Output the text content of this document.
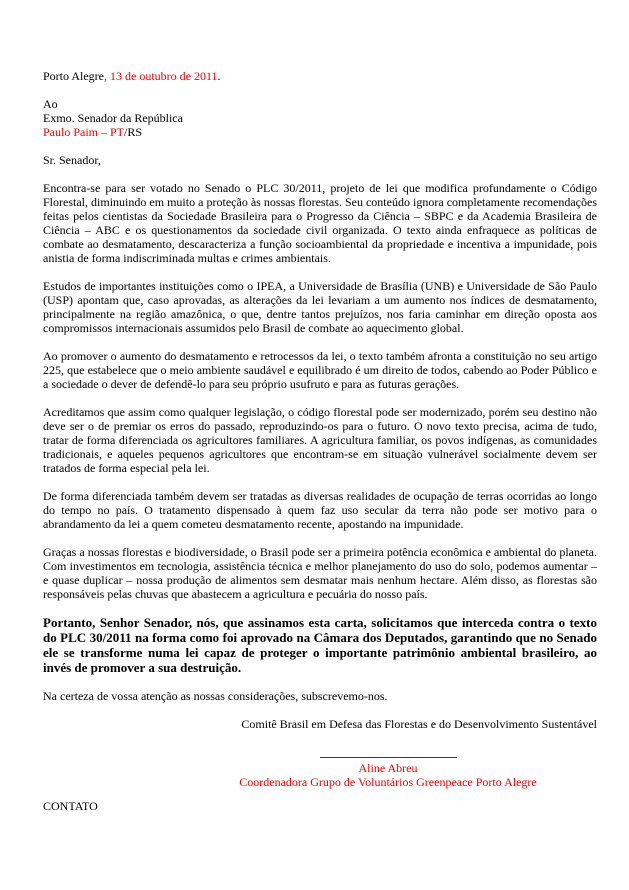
Porto Alegre, 13 de outubro de 2011.

Ao
Exmo. Senador da República
Paulo Paim – PT/RS

Sr. Senador,

Encontra-se para ser votado no Senado o PLC 30/2011, projeto de lei que modifica profundamente o Código Florestal, diminuindo em muito a proteção às nossas florestas. Seu conteúdo ignora completamente recomendações feitas pelos cientistas da Sociedade Brasileira para o Progresso da Ciência – SBPC e da Academia Brasileira de Ciência – ABC e os questionamentos da sociedade civil organizada. O texto ainda enfraquece as políticas de combate ao desmatamento, descaracteriza a função socioambiental da propriedade e incentiva a impunidade, pois anistia de forma indiscriminada multas e crimes ambientais.

Estudos de importantes instituições como o IPEA, a Universidade de Brasília (UNB) e Universidade de São Paulo (USP) apontam que, caso aprovadas, as alterações da lei levariam a um aumento nos índices de desmatamento, principalmente na região amazônica, o que, dentre tantos prejuízos, nos faria caminhar em direção oposta aos compromissos internacionais assumidos pelo Brasil de combate ao aquecimento global.

Ao promover o aumento do desmatamento e retrocessos da lei, o texto também afronta a constituição no seu artigo 225, que estabelece que o meio ambiente saudável e equilibrado é um direito de todos, cabendo ao Poder Público e a sociedade o dever de defendê-lo para seu próprio usufruto e para as futuras gerações.

Acreditamos que assim como qualquer legislação, o código florestal pode ser modernizado, porém seu destino não deve ser o de premiar os erros do passado, reproduzindo-os para o futuro. O novo texto precisa, acima de tudo, tratar de forma diferenciada os agricultores familiares. A agricultura familiar, os povos indígenas, as comunidades tradicionais, e aqueles pequenos agricultores que encontram-se em situação vulnerável socialmente devem ser tratados de forma especial pela lei.

De forma diferenciada também devem ser tratadas as diversas realidades de ocupação de terras ocorridas ao longo do tempo no país. O tratamento dispensado à quem faz uso secular da terra não pode ser motivo para o abrandamento da lei a quem cometeu desmatamento recente, apostando na impunidade.

Graças a nossas florestas e biodiversidade, o Brasil pode ser a primeira potência econômica e ambiental do planeta. Com investimentos em tecnologia, assistência técnica e melhor planejamento do uso do solo, podemos aumentar – e quase duplicar – nossa produção de alimentos sem desmatar mais nenhum hectare. Além disso, as florestas são responsáveis pelas chuvas que abastecem a agricultura e pecuária do nosso país.

Portanto, Senhor Senador, nós, que assinamos esta carta, solicitamos que interceda contra o texto do PLC 30/2011 na forma como foi aprovado na Câmara dos Deputados, garantindo que no Senado ele se transforme numa lei capaz de proteger o importante patrimônio ambiental brasileiro, ao invés de promover a sua destruição.

Na certeza de vossa atenção as nossas considerações, subscrevemo-nos.

Comitê Brasil em Defesa das Florestas e do Desenvolvimento Sustentável

Aline Abreu
Coordenadora Grupo de Voluntários Greenpeace Porto Alegre

CONTATO
